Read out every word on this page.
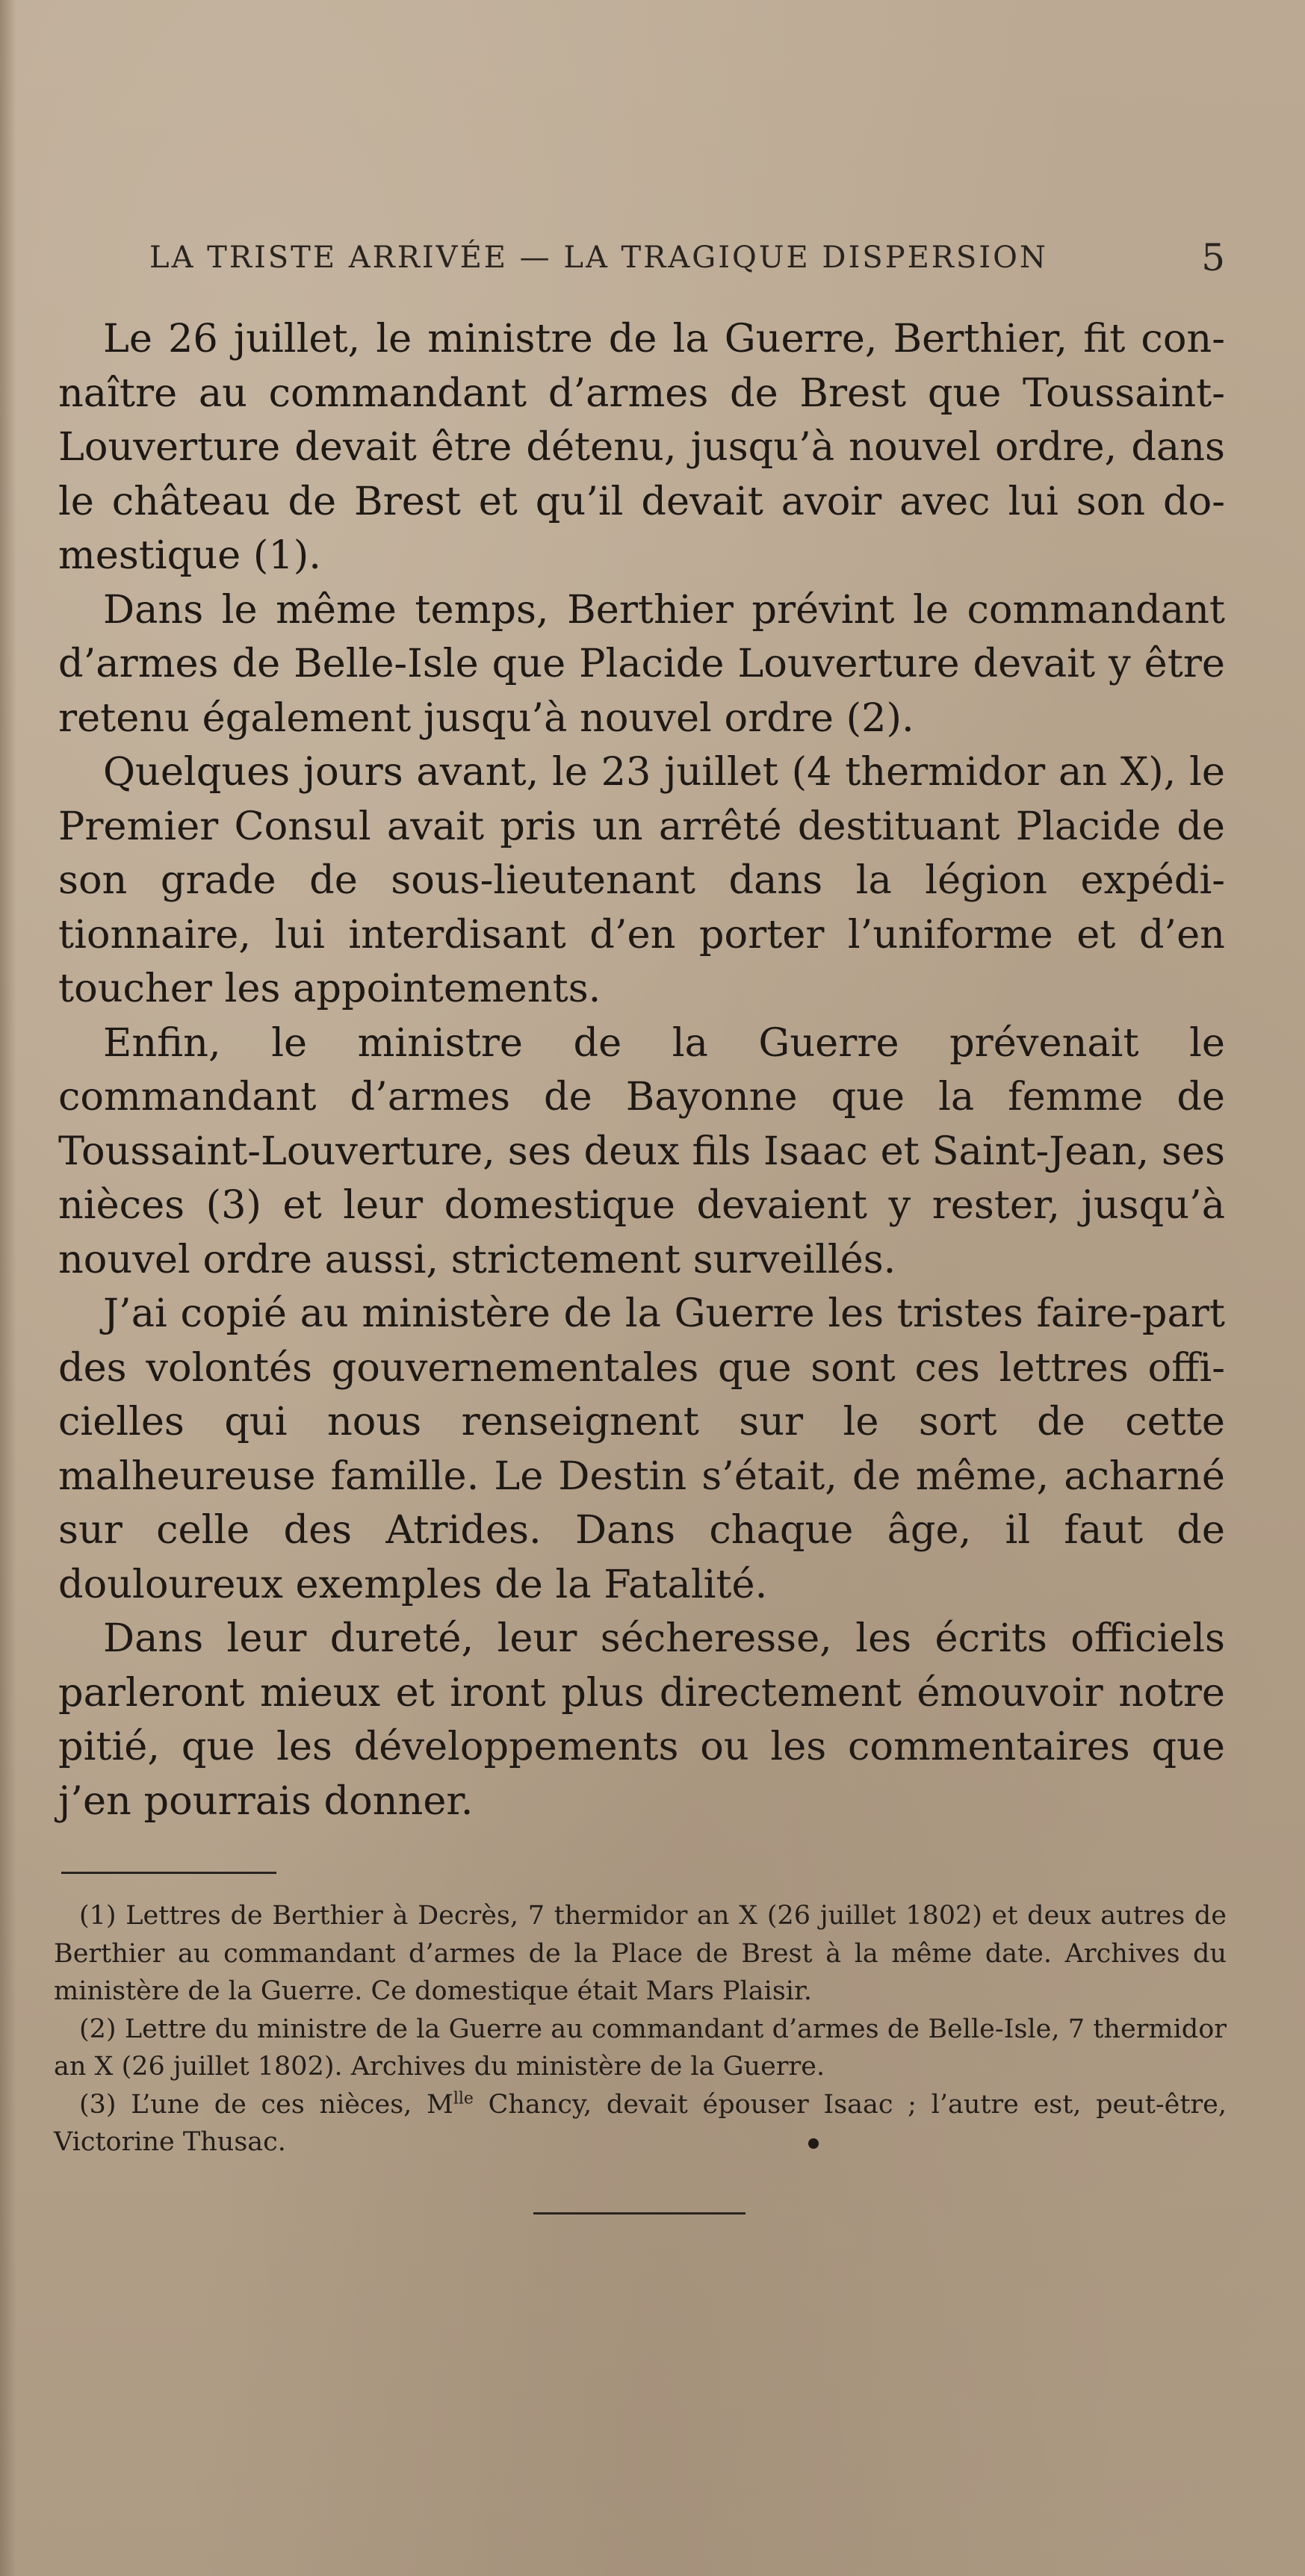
LA TRISTE ARRIVÉE — LA TRAGIQUE DISPERSION	5

Le 26 juillet, le ministre de la Guerre, Berthier, fit connaître au commandant d’armes de Brest que Toussaint-Louverture devait être détenu, jusqu’à nouvel ordre, dans le château de Brest et qu’il devait avoir avec lui son domestique (1).

Dans le même temps, Berthier prévint le commandant d’armes de Belle-Isle que Placide Louverture devait y être retenu également jusqu’à nouvel ordre (2).

Quelques jours avant, le 23 juillet (4 thermidor an X), le Premier Consul avait pris un arrêté destituant Placide de son grade de sous-lieutenant dans la légion expéditionnaire, lui interdisant d’en porter l’uniforme et d’en toucher les appointements.

Enfin, le ministre de la Guerre prévenait le commandant d’armes de Bayonne que la femme de Toussaint-Louverture, ses deux fils Isaac et Saint-Jean, ses nièces (3) et leur domestique devaient y rester, jusqu’à nouvel ordre aussi, strictement surveillés.

J’ai copié au ministère de la Guerre les tristes faire-part des volontés gouvernementales que sont ces lettres officielles qui nous renseignent sur le sort de cette malheureuse famille. Le Destin s’était, de même, acharné sur celle des Atrides. Dans chaque âge, il faut de douloureux exemples de la Fatalité.

Dans leur dureté, leur sécheresse, les écrits officiels parleront mieux et iront plus directement émouvoir notre pitié, que les développements ou les commentaires que j’en pourrais donner.

(1) Lettres de Berthier à Decrès, 7 thermidor an X (26 juillet 1802) et deux autres de Berthier au commandant d’armes de la Place de Brest à la même date. Archives du ministère de la Guerre. Ce domestique était Mars Plaisir.

(2) Lettre du ministre de la Guerre au commandant d’armes de Belle-Isle, 7 thermidor an X (26 juillet 1802). Archives du ministère de la Guerre.

(3) L’une de ces nièces, $M^{lle}$ Chancy, devait épouser Isaac ; l’autre est, peut-être, Victorine Thusac.
